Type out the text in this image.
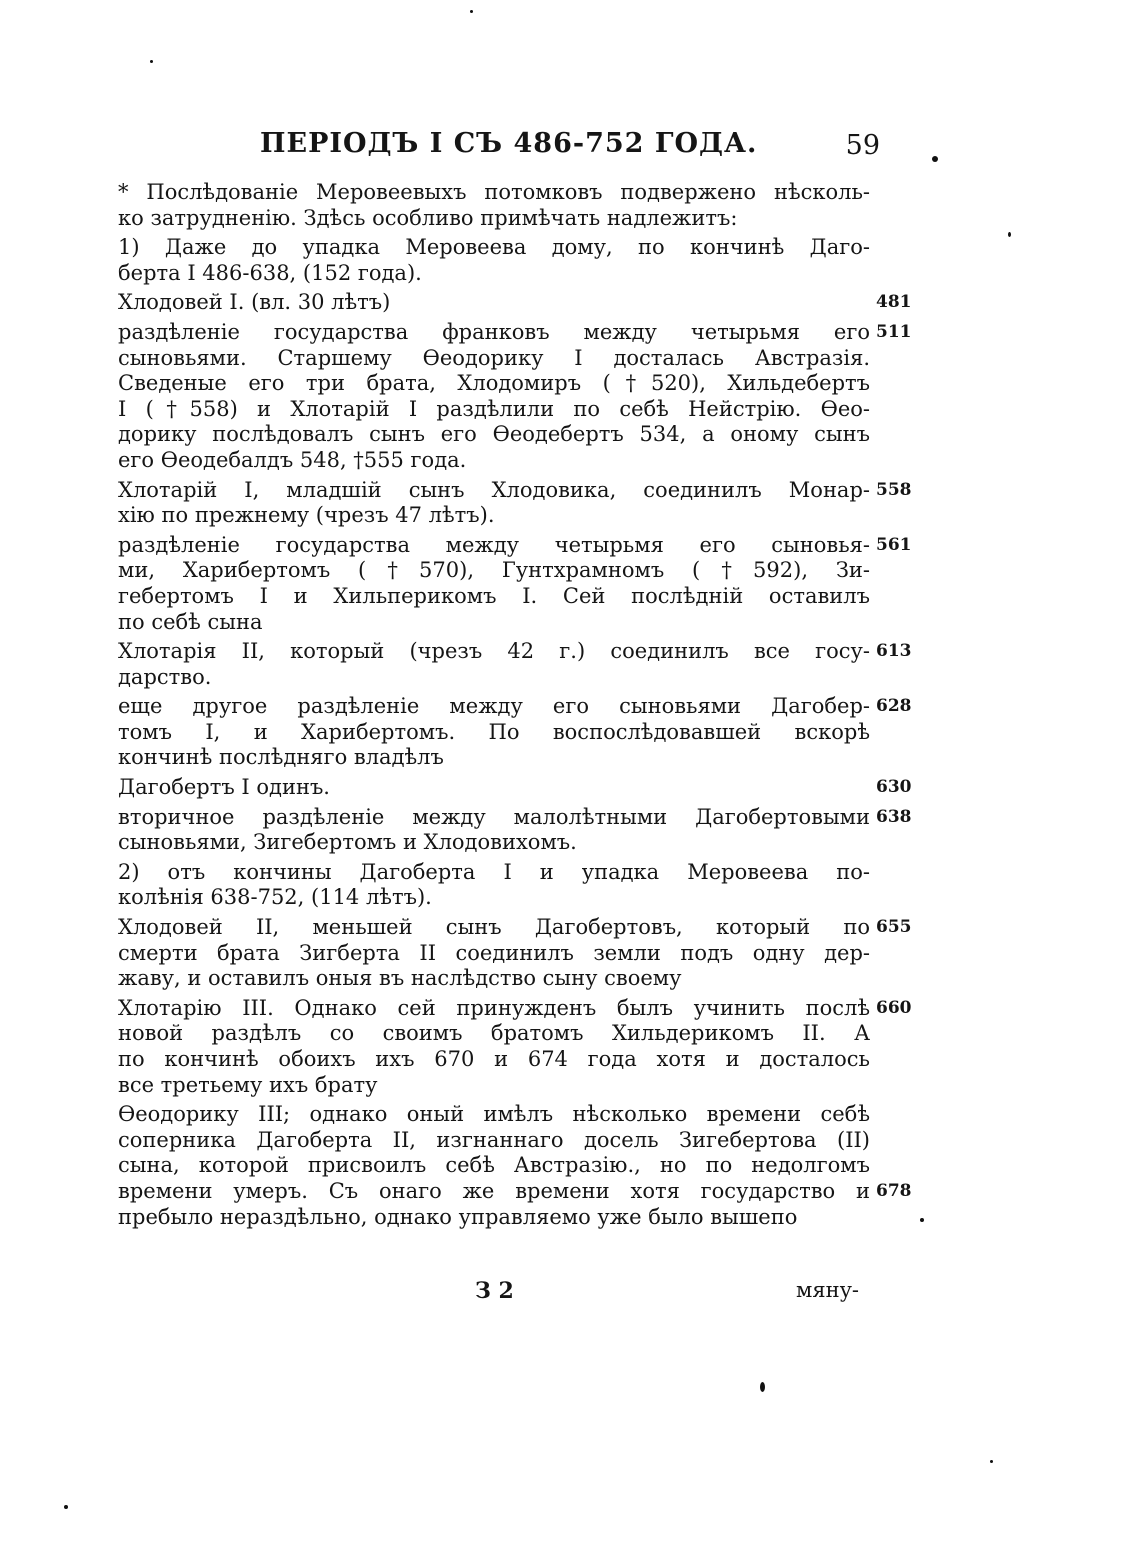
ПЕРІОДЪ І СЪ 486-752 ГОДА.	59
* Послѣдованіе Меровеевыхъ потомковъ подвержено нѣсколь-
ко затрудненію. Здѣсь особливо примѣчать надлежитъ:
1) Даже до упадка Меровеева дому, по кончинѣ Даго-
берта I 486-638, (152 года).
Хлодовей I. (вл. 30 лѣтъ)	481
раздѣленіе государства франковъ между четырьмя его 511
сыновьями. Старшему Ѳеодорику I досталась Австразія.
Сведеные его три брата, Хлодомиръ (†520), Хильдебертъ
I (†558) и Хлотарій I раздѣлили по себѣ Нейстрію. Ѳео-
дорику послѣдовалъ сынъ его Ѳеодебертъ 534, а оному сынъ
его Ѳеодебалдъ 548, †555 года.
Хлотарій I, младшій сынъ Хлодовика, соединилъ Монар- 558
хію по прежнему (чрезъ 47 лѣтъ).
раздѣленіе государства между четырьмя его сыновья- 561
ми, Харибертомъ (†570), Гунтхрамномъ (†592), Зи-
гебертомъ I и Хильперикомъ I. Сей послѣдній оставилъ
по себѣ сына
Хлотарія II, который (чрезъ 42 г.) соединилъ все госу- 613
дарство.
еще другое раздѣленіе между его сыновьями Дагобер- 628
томъ I, и Харибертомъ. По воспослѣдовавшей вскорѣ
кончинѣ послѣдняго владѣлъ
Дагобертъ I одинъ.	630
вторичное раздѣленіе между малолѣтными Дагобертовыми 638
сыновьями, Зигебертомъ и Хлодовихомъ.
2) отъ кончины Дагоберта I и упадка Меровеева по-
колѣнія 638-752, (114 лѣтъ).
Хлодовей II, меньшей сынъ Дагобертовъ, который по 655
смерти брата Зигберта II соединилъ земли подъ одну дер-
жаву, и оставилъ оныя въ наслѣдство сыну своему
Хлотарію III. Однако сей принужденъ былъ учинить послѣ 660
новой раздѣлъ со своимъ братомъ Хильдерикомъ II. А
по кончинѣ обоихъ ихъ 670 и 674 года хотя и досталось
все третьему ихъ брату
Ѳеодорику III; однако оный имѣлъ нѣсколько времени себѣ
соперника Дагоберта II, изгнаннаго досель Зигебертова (II)
сына, которой присвоилъ себѣ Австразію., но по недолгомъ
времени умеръ. Съ онаго же времени хотя государство и 678
пребыло нераздѣльно, однако управляемо уже было вышепо
З 2	мяну-
